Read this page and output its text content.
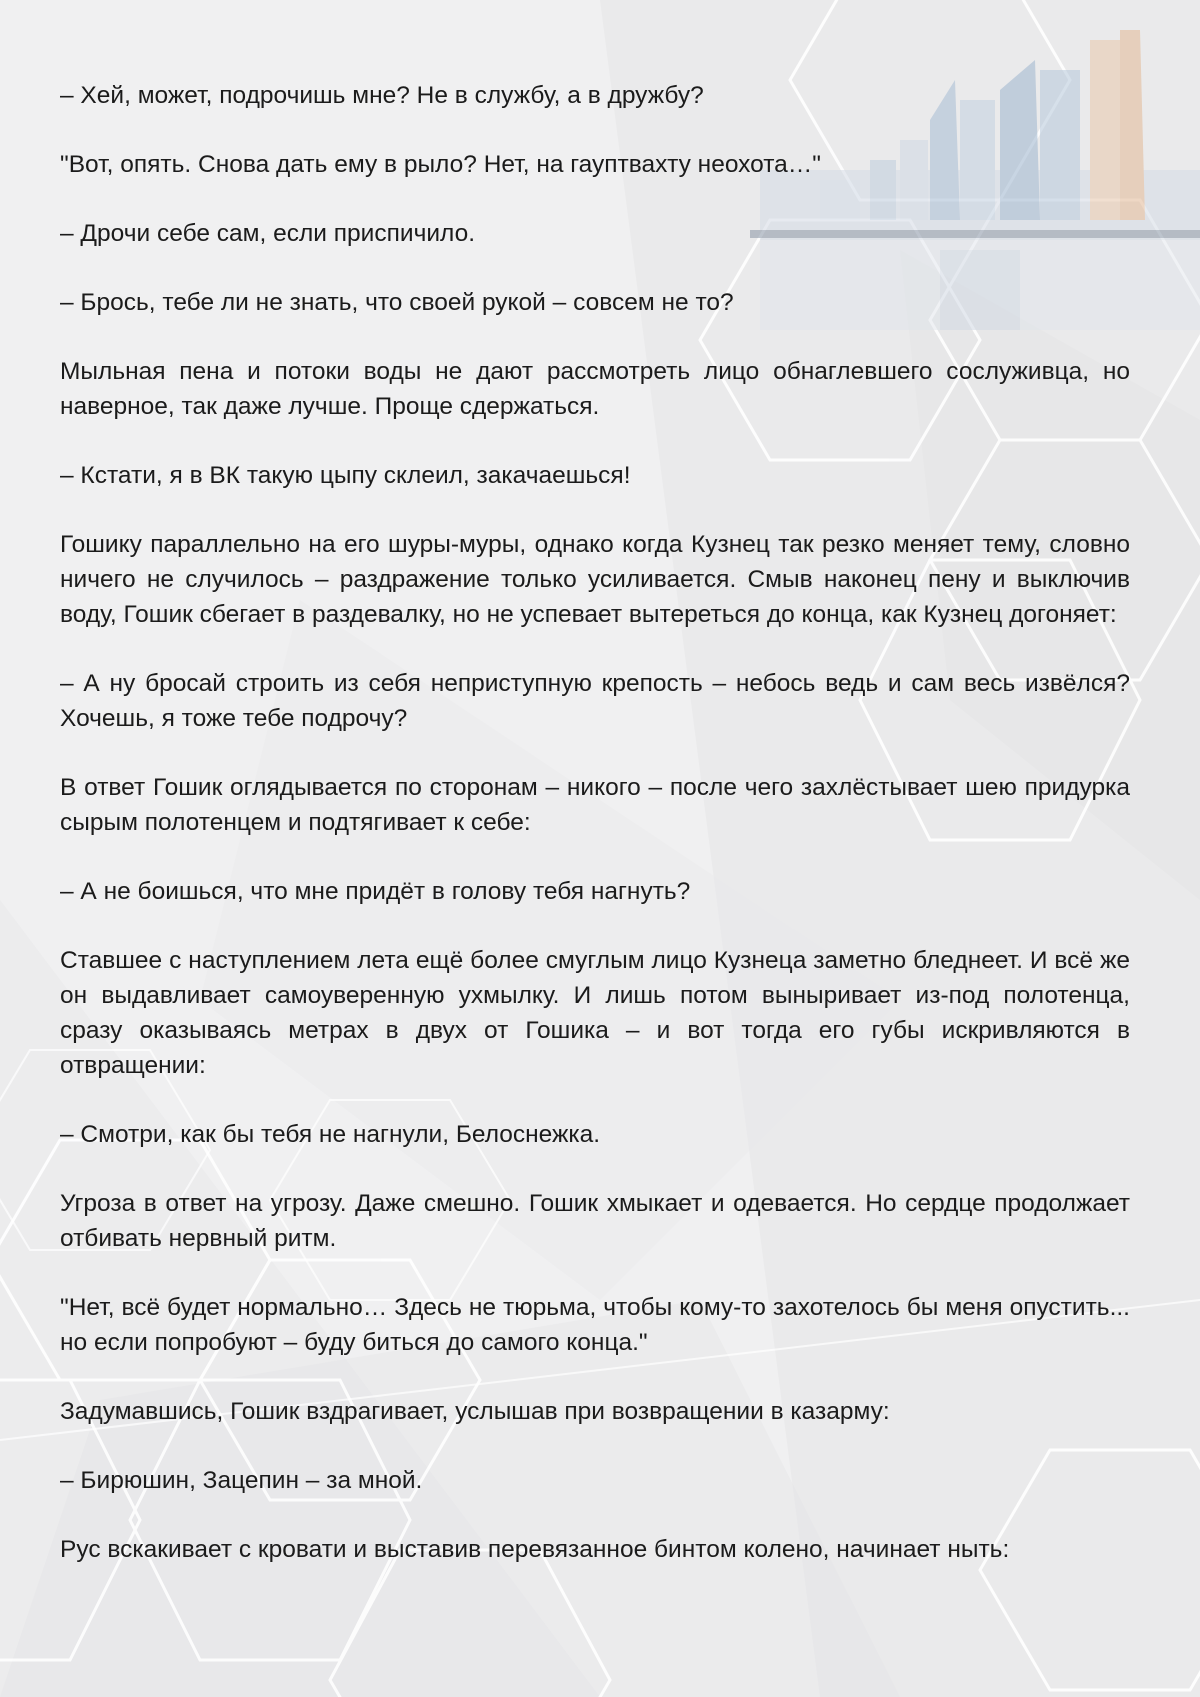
– Хей, может, подрочишь мне? Не в службу, а в дружбу?

"Вот, опять. Снова дать ему в рыло? Нет, на гауптвахту неохота…"

– Дрочи себе сам, если приспичило.

– Брось, тебе ли не знать, что своей рукой – совсем не то?

Мыльная пена и потоки воды не дают рассмотреть лицо обнаглевшего сослуживца, но наверное, так даже лучше. Проще сдержаться.

– Кстати, я в ВК такую цыпу склеил, закачаешься!

Гошику параллельно на его шуры-муры, однако когда Кузнец так резко меняет тему, словно ничего не случилось – раздражение только усиливается. Смыв наконец пену и выключив воду, Гошик сбегает в раздевалку, но не успевает вытереться до конца, как Кузнец догоняет:

– А ну бросай строить из себя неприступную крепость – небось ведь и сам весь извёлся? Хочешь, я тоже тебе подрочу?

В ответ Гошик оглядывается по сторонам – никого – после чего захлёстывает шею придурка сырым полотенцем и подтягивает к себе:

– А не боишься, что мне придёт в голову тебя нагнуть?

Ставшее с наступлением лета ещё более смуглым лицо Кузнеца заметно бледнеет. И всё же он выдавливает самоуверенную ухмылку. И лишь потом выныривает из-под полотенца, сразу оказываясь метрах в двух от Гошика – и вот тогда его губы искривляются в отвращении:

– Смотри, как бы тебя не нагнули, Белоснежка.

Угроза в ответ на угрозу. Даже смешно. Гошик хмыкает и одевается. Но сердце продолжает отбивать нервный ритм.

"Нет, всё будет нормально… Здесь не тюрьма, чтобы кому-то захотелось бы меня опустить... но если попробуют – буду биться до самого конца."

Задумавшись, Гошик вздрагивает, услышав при возвращении в казарму:

– Бирюшин, Зацепин – за мной.

Рус вскакивает с кровати и выставив перевязанное бинтом колено, начинает ныть:
